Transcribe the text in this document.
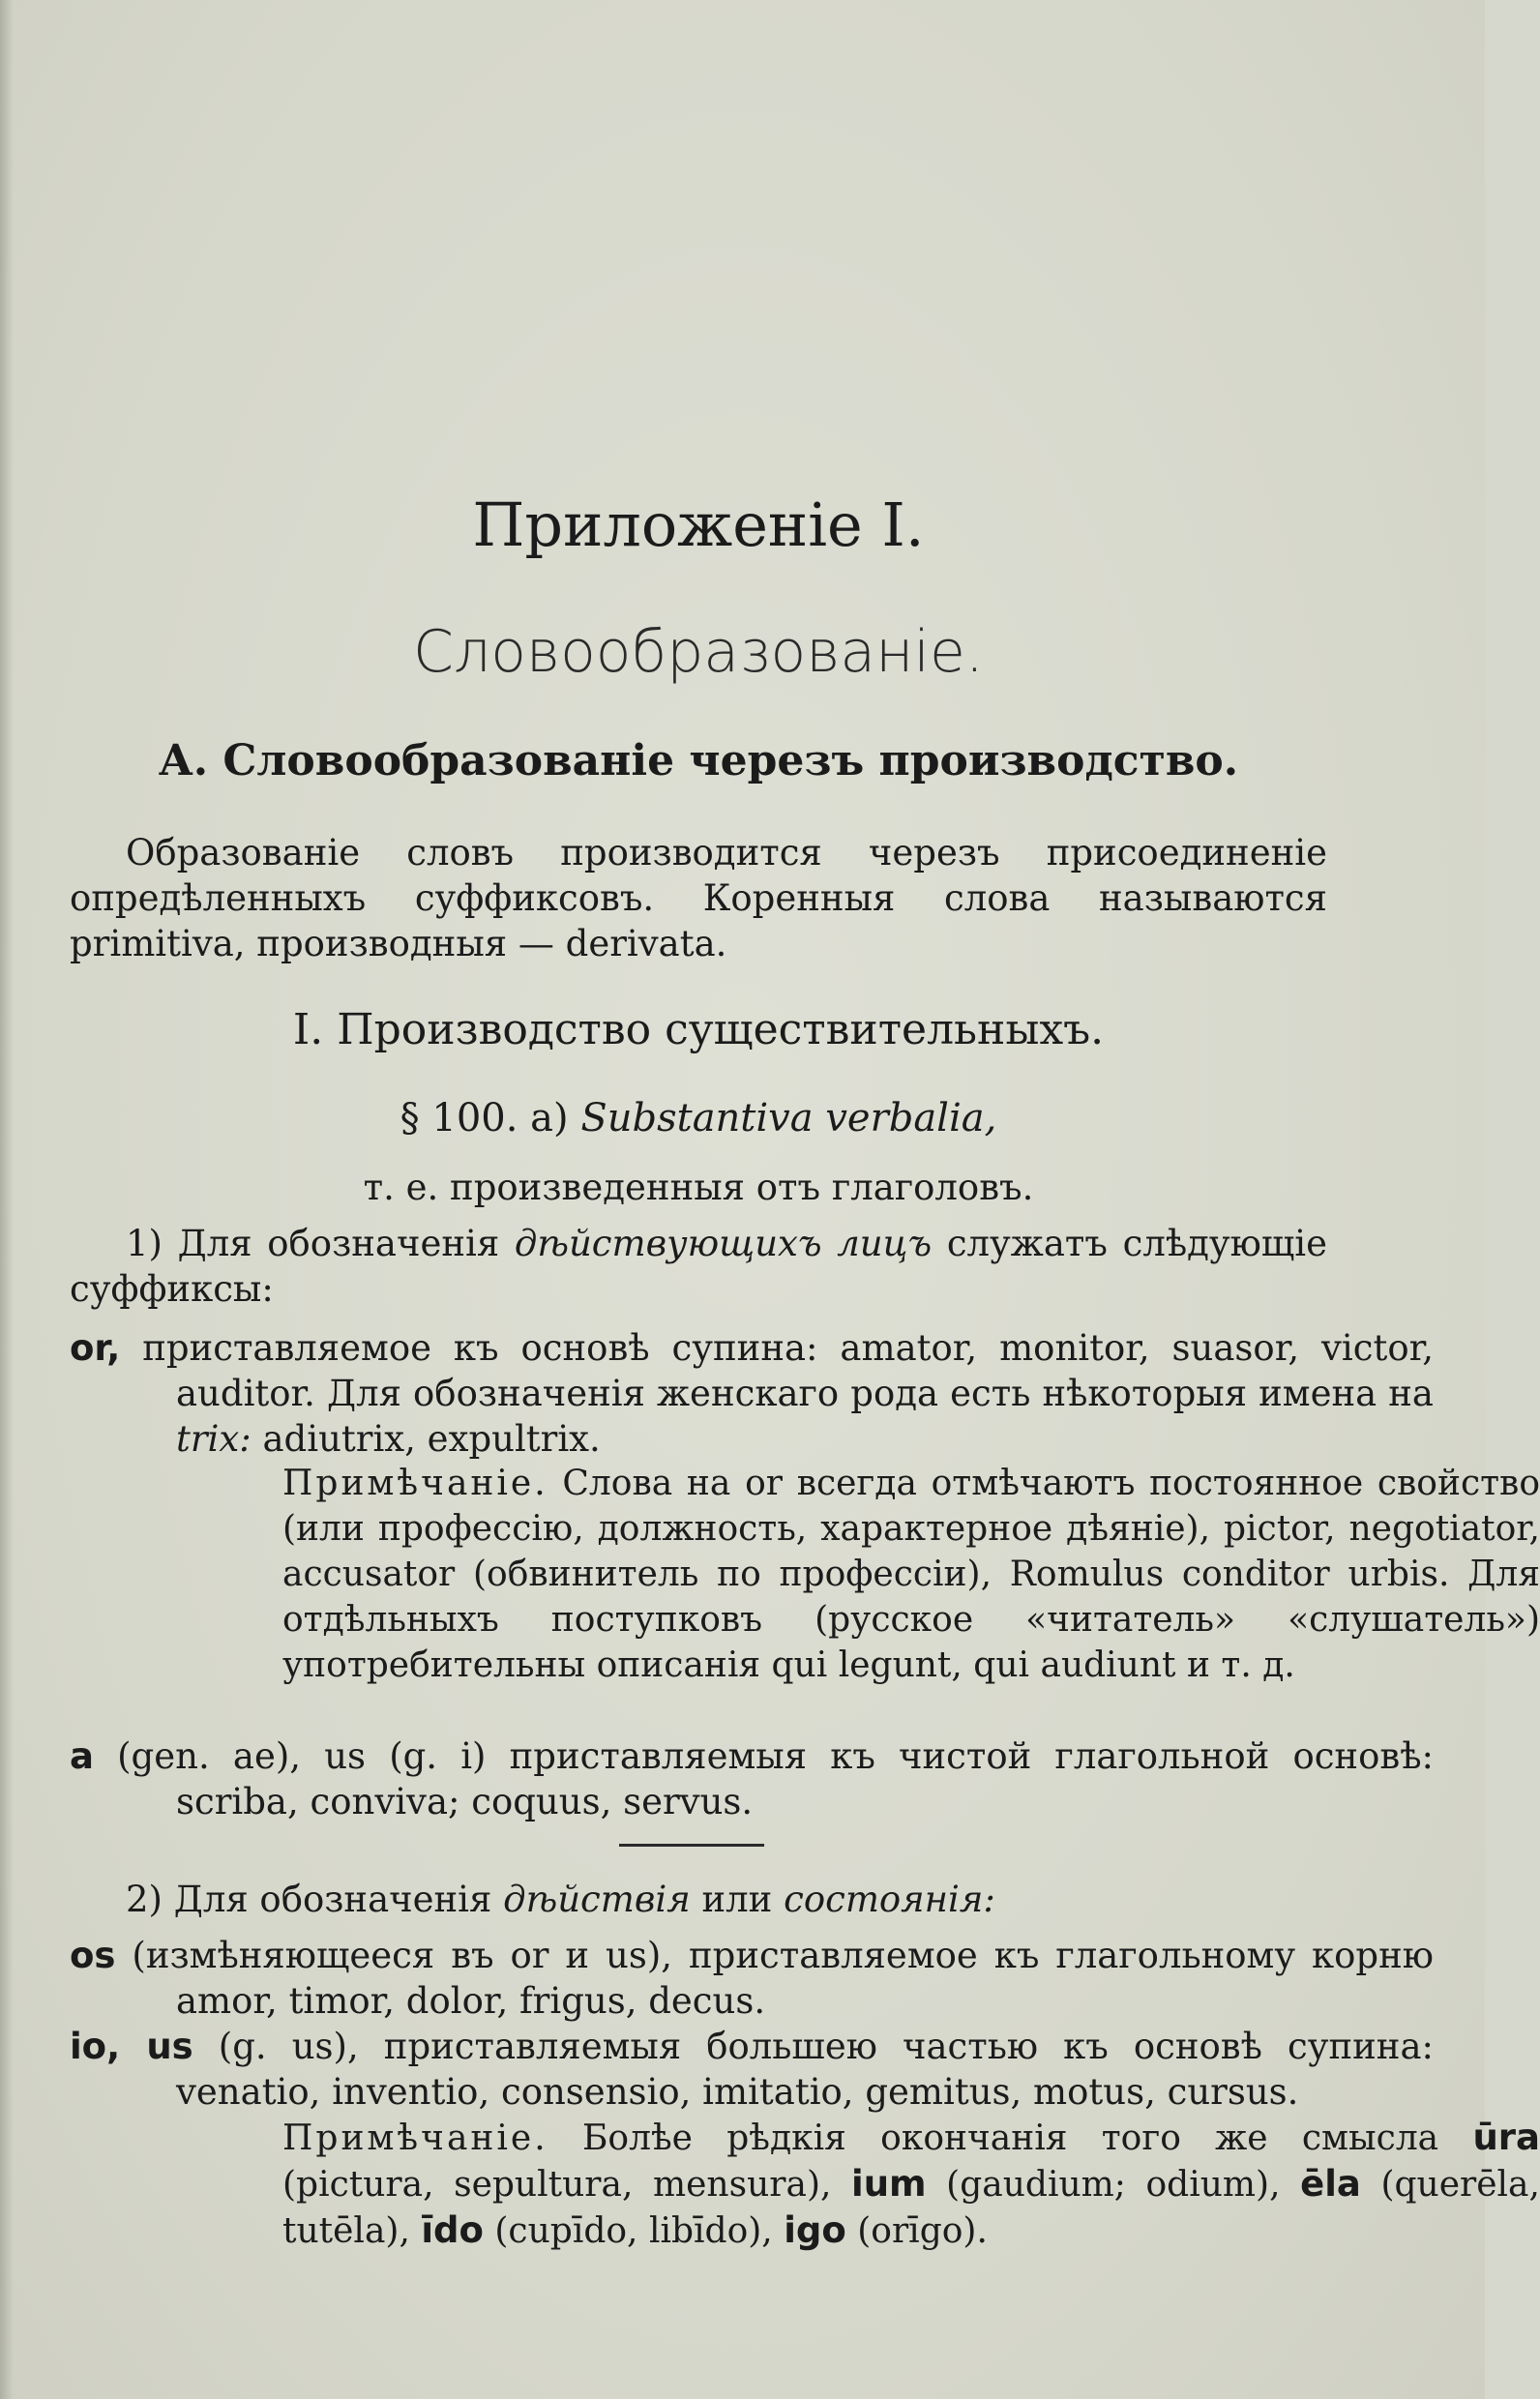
Приложенie I.
Словообразованie.
А. Словообразованie черезъ производство.
Образованie словъ производится черезъ присоединенie опредѣленныхъ суффиксовъ. Коренныя слова называются primitiva, производныя — derivata.
I. Производство существительныхъ.
§ 100. а) Substantiva verbalia,
т. е. произведенныя отъ глаголовъ.
1) Для обозначенія дѣйствующихъ лицъ служатъ слѣдующіе суффиксы:
or, приставляемое къ основѣ супина: amator, monitor, suasor, victor, auditor. Для обозначенія женскаго рода есть нѣкоторыя имена на trix: adiutrix, expultrix.
Примѣчанie. Слова на or всегда отмѣчаютъ постоянное свойство (или профессію, должность, характерное дѣяніе), pictor, negotiator, accusator (обвинитель по профессіи), Romulus conditor urbis. Для отдѣльныхъ поступковъ (русское «читатель» «слушатель») употребительны описанія qui legunt, qui audiunt и т. д.
a (gen. ae), us (g. i) приставляемыя къ чистой глагольной основѣ: scriba, conviva; coquus, servus.
2) Для обозначенія дѣйствія или состоянія:
os (измѣняющееся въ or и us), приставляемое къ глагольному корню amor, timor, dolor, frigus, decus.
io, us (g. us), приставляемыя большею частью къ основѣ супина: venatio, inventio, consensio, imitatio, gemitus, motus, cursus.
Примѣчанie. Болѣе рѣдкія окончанія того же смысла ūra (pictura, sepultura, mensura), ium (gaudium; odium), ēla (querēla, tutēla), īdo (cupīdo, libīdo), igo (orīgo).
